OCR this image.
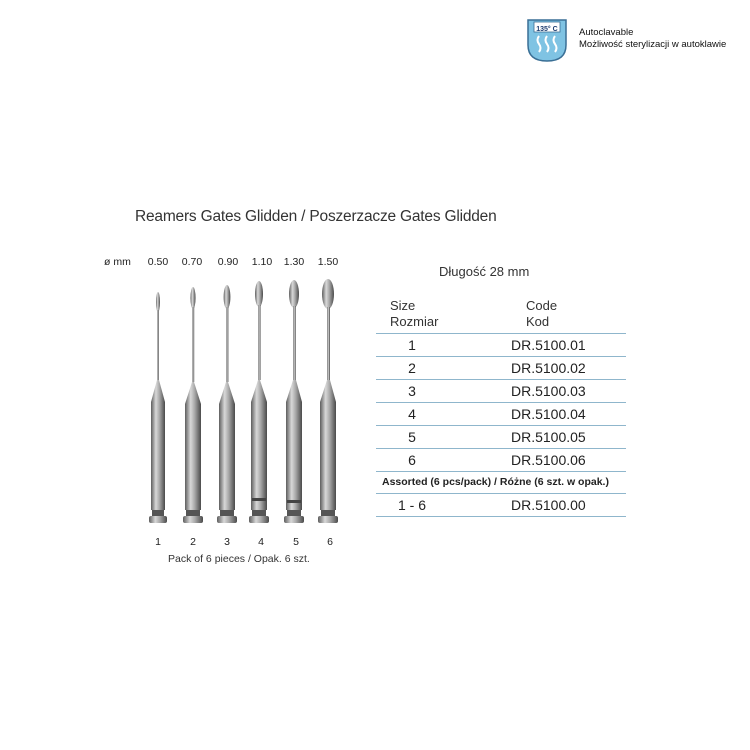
135° C Autoclavable
Możliwość sterylizacji w autoklawie
Reamers Gates Glidden / Poszerzacze Gates Glidden
ø mm	0.50	0.70	0.90	1.10	1.30	1.50
1	2	3	4	5	6
Pack of 6 pieces / Opak. 6 szt.
Długość 28 mm
Size
Rozmiar
Code
Kod
1	DR.5100.01
2	DR.5100.02
3	DR.5100.03
4	DR.5100.04
5	DR.5100.05
6	DR.5100.06
Assorted (6 pcs/pack) / Różne (6 szt. w opak.)
1 - 6	DR.5100.00
